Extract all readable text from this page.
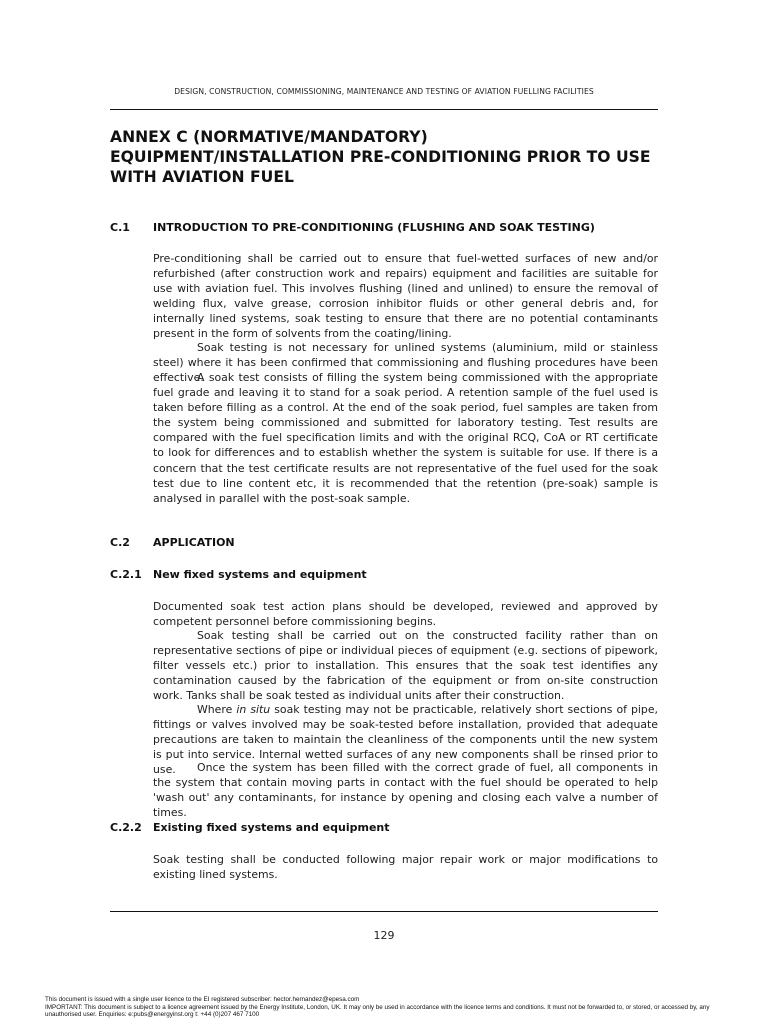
DESIGN, CONSTRUCTION, COMMISSIONING, MAINTENANCE AND TESTING OF AVIATION FUELLING FACILITIES
ANNEX C (NORMATIVE/MANDATORY)
EQUIPMENT/INSTALLATION PRE-CONDITIONING PRIOR TO USE
WITH AVIATION FUEL
C.1 INTRODUCTION TO PRE-CONDITIONING (FLUSHING AND SOAK TESTING)

Pre-conditioning shall be carried out to ensure that fuel-wetted surfaces of new and/or refurbished (after construction work and repairs) equipment and facilities are suitable for use with aviation fuel. This involves flushing (lined and unlined) to ensure the removal of welding flux, valve grease, corrosion inhibitor fluids or other general debris and, for internally lined systems, soak testing to ensure that there are no potential contaminants present in the form of solvents from the coating/lining.

Soak testing is not necessary for unlined systems (aluminium, mild or stainless steel) where it has been confirmed that commissioning and flushing procedures have been effective.

A soak test consists of filling the system being commissioned with the appropriate fuel grade and leaving it to stand for a soak period. A retention sample of the fuel used is taken before filling as a control. At the end of the soak period, fuel samples are taken from the system being commissioned and submitted for laboratory testing. Test results are compared with the fuel specification limits and with the original RCQ, CoA or RT certificate to look for differences and to establish whether the system is suitable for use. If there is a concern that the test certificate results are not representative of the fuel used for the soak test due to line content etc, it is recommended that the retention (pre-soak) sample is analysed in parallel with the post-soak sample.

C.2 APPLICATION
C.2.1 New fixed systems and equipment

Documented soak test action plans should be developed, reviewed and approved by competent personnel before commissioning begins.

Soak testing shall be carried out on the constructed facility rather than on representative sections of pipe or individual pieces of equipment (e.g. sections of pipework, filter vessels etc.) prior to installation. This ensures that the soak test identifies any contamination caused by the fabrication of the equipment or from on-site construction work. Tanks shall be soak tested as individual units after their construction.

Where in situ soak testing may not be practicable, relatively short sections of pipe, fittings or valves involved may be soak-tested before installation, provided that adequate precautions are taken to maintain the cleanliness of the components until the new system is put into service. Internal wetted surfaces of any new components shall be rinsed prior to use.	Once the system has been filled with the correct grade of fuel, all components in the system that contain moving parts in contact with the fuel should be operated to help 'wash out' any contaminants, for instance by opening and closing each valve a number of times.

C.2.2 Existing fixed systems and equipment

Soak testing shall be conducted following major repair work or major modifications to existing lined systems.

129
This document is issued with a single user licence to the EI registered subscriber: hector.hernandez@epesa.com
IMPORTANT: This document is subject to a licence agreement issued by the Energy Institute, London, UK. It may only be used in accordance with the licence terms and conditions. It must not be forwarded to, or stored, or accessed by, any unauthorised user. Enquiries: e:pubs@energyinst.org t: +44 (0)207 467 7100
